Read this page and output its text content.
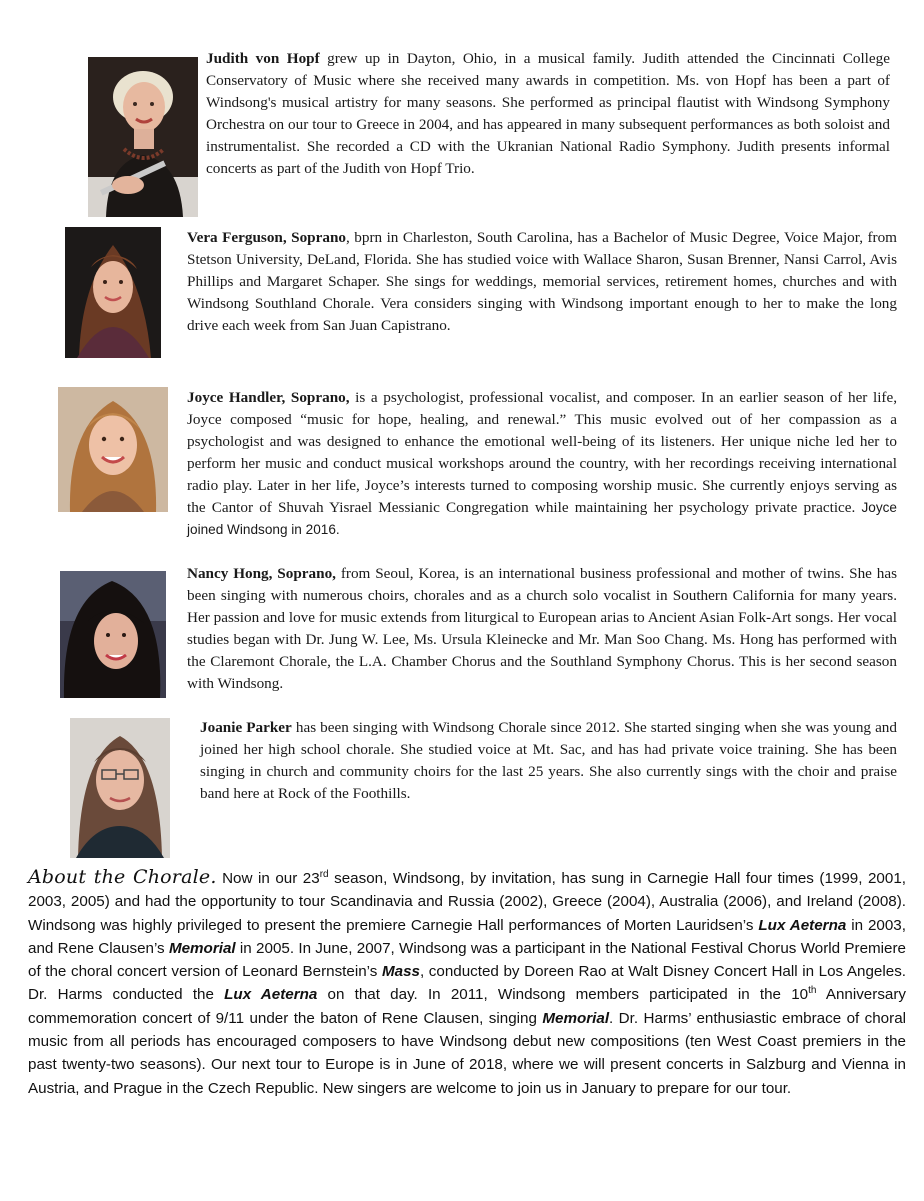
Judith von Hopf grew up in Dayton, Ohio, in a musical family. Judith attended the Cincinnati College Conservatory of Music where she received many awards in competition. Ms. von Hopf has been a part of Windsong's musical artistry for many seasons. She performed as principal flautist with Windsong Symphony Orchestra on our tour to Greece in 2004, and has appeared in many subsequent performances as both soloist and instrumentalist. She recorded a CD with the Ukranian National Radio Symphony. Judith presents informal concerts as part of the Judith von Hopf Trio.
Vera Ferguson, Soprano, bprn in Charleston, South Carolina, has a Bachelor of Music Degree, Voice Major, from Stetson University, DeLand, Florida. She has studied voice with Wallace Sharon, Susan Brenner, Nansi Carrol, Avis Phillips and Margaret Schaper. She sings for weddings, memorial services, retirement homes, churches and with Windsong Southland Chorale. Vera considers singing with Windsong important enough to her to make the long drive each week from San Juan Capistrano.
Joyce Handler, Soprano, is a psychologist, professional vocalist, and composer. In an earlier season of her life, Joyce composed “music for hope, healing, and renewal.” This music evolved out of her compassion as a psychologist and was designed to enhance the emotional well-being of its listeners. Her unique niche led her to perform her music and conduct musical workshops around the country, with her recordings receiving international radio play. Later in her life, Joyce’s interests turned to composing worship music. She currently enjoys serving as the Cantor of Shuvah Yisrael Messianic Congregation while maintaining her psychology private practice. Joyce joined Windsong in 2016.
Nancy Hong, Soprano, from Seoul, Korea, is an international business professional and mother of twins. She has been singing with numerous choirs, chorales and as a church solo vocalist in Southern California for many years. Her passion and love for music extends from liturgical to European arias to Ancient Asian Folk-Art songs. Her vocal studies began with Dr. Jung W. Lee, Ms. Ursula Kleinecke and Mr. Man Soo Chang. Ms. Hong has performed with the Claremont Chorale, the L.A. Chamber Chorus and the Southland Symphony Chorus. This is her second season with Windsong.
Joanie Parker has been singing with Windsong Chorale since 2012. She started singing when she was young and joined her high school chorale. She studied voice at Mt. Sac, and has had private voice training. She has been singing in church and community choirs for the last 25 years. She also currently sings with the choir and praise band here at Rock of the Foothills.
About the Chorale. Now in our 23rd season, Windsong, by invitation, has sung in Carnegie Hall four times (1999, 2001, 2003, 2005) and had the opportunity to tour Scandinavia and Russia (2002), Greece (2004), Australia (2006), and Ireland (2008). Windsong was highly privileged to present the premiere Carnegie Hall performances of Morten Lauridsen’s Lux Aeterna in 2003, and Rene Clausen’s Memorial in 2005. In June, 2007, Windsong was a participant in the National Festival Chorus World Premiere of the choral concert version of Leonard Bernstein’s Mass, conducted by Doreen Rao at Walt Disney Concert Hall in Los Angeles. Dr. Harms conducted the Lux Aeterna on that day. In 2011, Windsong members participated in the 10th Anniversary commemoration concert of 9/11 under the baton of Rene Clausen, singing Memorial. Dr. Harms’ enthusiastic embrace of choral music from all periods has encouraged composers to have Windsong debut new compositions (ten West Coast premiers in the past twenty-two seasons). Our next tour to Europe is in June of 2018, where we will present concerts in Salzburg and Vienna in Austria, and Prague in the Czech Republic. New singers are welcome to join us in January to prepare for our tour.
